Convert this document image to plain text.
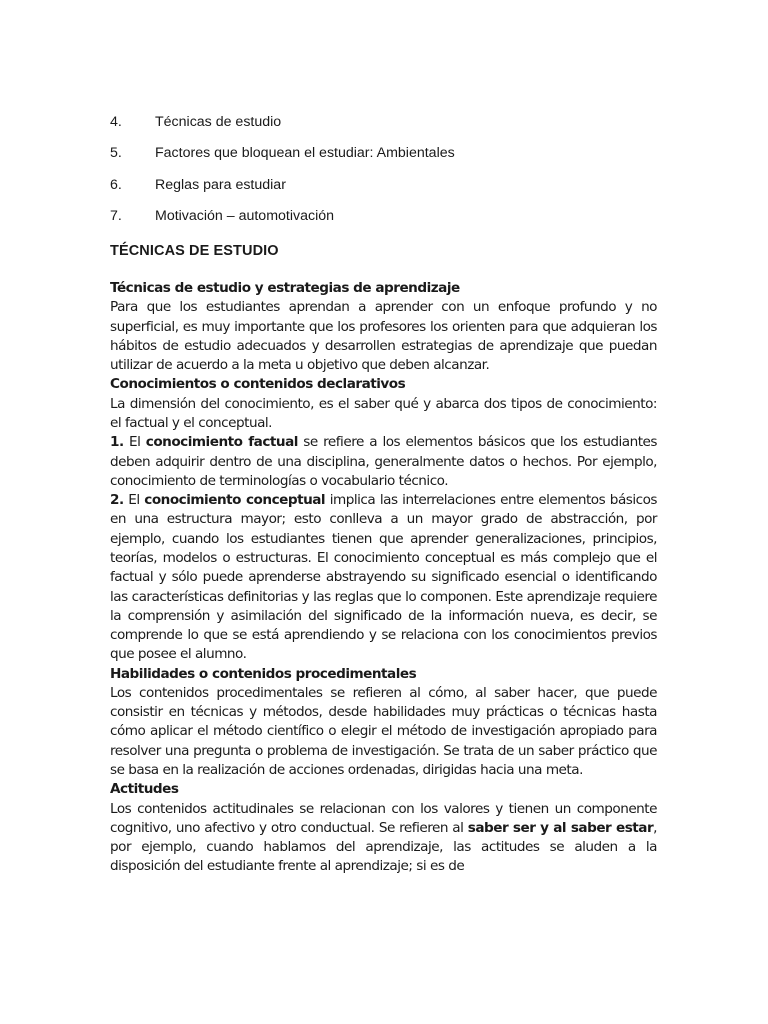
4. Técnicas de estudio
5. Factores que bloquean el estudiar: Ambientales
6. Reglas para estudiar
7. Motivación – automotivación
TÉCNICAS DE ESTUDIO

Técnicas de estudio y estrategias de aprendizaje

Para que los estudiantes aprendan a aprender con un enfoque profundo y no superficial, es muy importante que los profesores los orienten para que adquieran los hábitos de estudio adecuados y desarrollen estrategias de aprendizaje que puedan utilizar de acuerdo a la meta u objetivo que deben alcanzar.

Conocimientos o contenidos declarativos

La dimensión del conocimiento, es el saber qué y abarca dos tipos de conocimiento: el factual y el conceptual.

1. El conocimiento factual se refiere a los elementos básicos que los estudiantes deben adquirir dentro de una disciplina, generalmente datos o hechos. Por ejemplo, conocimiento de terminologías o vocabulario técnico.

2. El conocimiento conceptual implica las interrelaciones entre elementos básicos en una estructura mayor; esto conlleva a un mayor grado de abstracción, por ejemplo, cuando los estudiantes tienen que aprender generalizaciones, principios, teorías, modelos o estructuras. El conocimiento conceptual es más complejo que el factual y sólo puede aprenderse abstrayendo su significado esencial o identificando las características definitorias y las reglas que lo componen. Este aprendizaje requiere la comprensión y asimilación del significado de la información nueva, es decir, se comprende lo que se está aprendiendo y se relaciona con los conocimientos previos que posee el alumno.

Habilidades o contenidos procedimentales

Los contenidos procedimentales se refieren al cómo, al saber hacer, que puede consistir en técnicas y métodos, desde habilidades muy prácticas o técnicas hasta cómo aplicar el método científico o elegir el método de investigación apropiado para resolver una pregunta o problema de investigación. Se trata de un saber práctico que se basa en la realización de acciones ordenadas, dirigidas hacia una meta.

Actitudes

Los contenidos actitudinales se relacionan con los valores y tienen un componente cognitivo, uno afectivo y otro conductual. Se refieren al saber ser y al saber estar, por ejemplo, cuando hablamos del aprendizaje, las actitudes se aluden a la disposición del estudiante frente al aprendizaje; si es de
